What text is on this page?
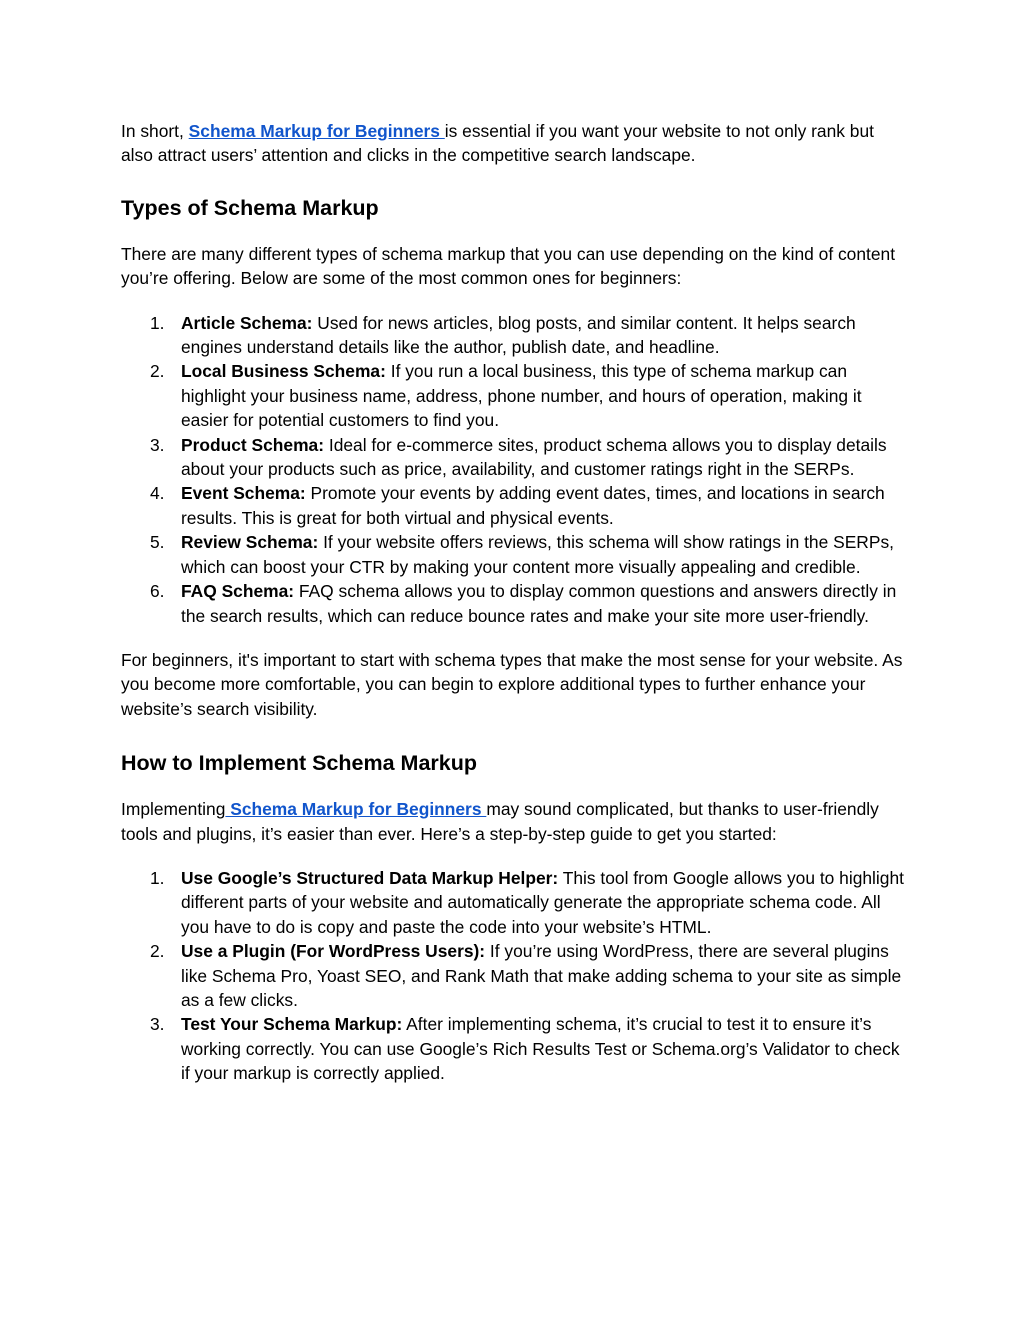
In short, Schema Markup for Beginners is essential if you want your website to not only rank but also attract users’ attention and clicks in the competitive search landscape.

Types of Schema Markup

There are many different types of schema markup that you can use depending on the kind of content you’re offering. Below are some of the most common ones for beginners:

1. Article Schema: Used for news articles, blog posts, and similar content. It helps search engines understand details like the author, publish date, and headline.
2. Local Business Schema: If you run a local business, this type of schema markup can highlight your business name, address, phone number, and hours of operation, making it easier for potential customers to find you.
3. Product Schema: Ideal for e-commerce sites, product schema allows you to display details about your products such as price, availability, and customer ratings right in the SERPs.
4. Event Schema: Promote your events by adding event dates, times, and locations in search results. This is great for both virtual and physical events.
5. Review Schema: If your website offers reviews, this schema will show ratings in the SERPs, which can boost your CTR by making your content more visually appealing and credible.
6. FAQ Schema: FAQ schema allows you to display common questions and answers directly in the search results, which can reduce bounce rates and make your site more user-friendly.

For beginners, it's important to start with schema types that make the most sense for your website. As you become more comfortable, you can begin to explore additional types to further enhance your website’s search visibility.

How to Implement Schema Markup

Implementing Schema Markup for Beginners may sound complicated, but thanks to user-friendly tools and plugins, it’s easier than ever. Here’s a step-by-step guide to get you started:

1. Use Google’s Structured Data Markup Helper: This tool from Google allows you to highlight different parts of your website and automatically generate the appropriate schema code. All you have to do is copy and paste the code into your website’s HTML.
2. Use a Plugin (For WordPress Users): If you’re using WordPress, there are several plugins like Schema Pro, Yoast SEO, and Rank Math that make adding schema to your site as simple as a few clicks.
3. Test Your Schema Markup: After implementing schema, it’s crucial to test it to ensure it’s working correctly. You can use Google’s Rich Results Test or Schema.org’s Validator to check if your markup is correctly applied.
